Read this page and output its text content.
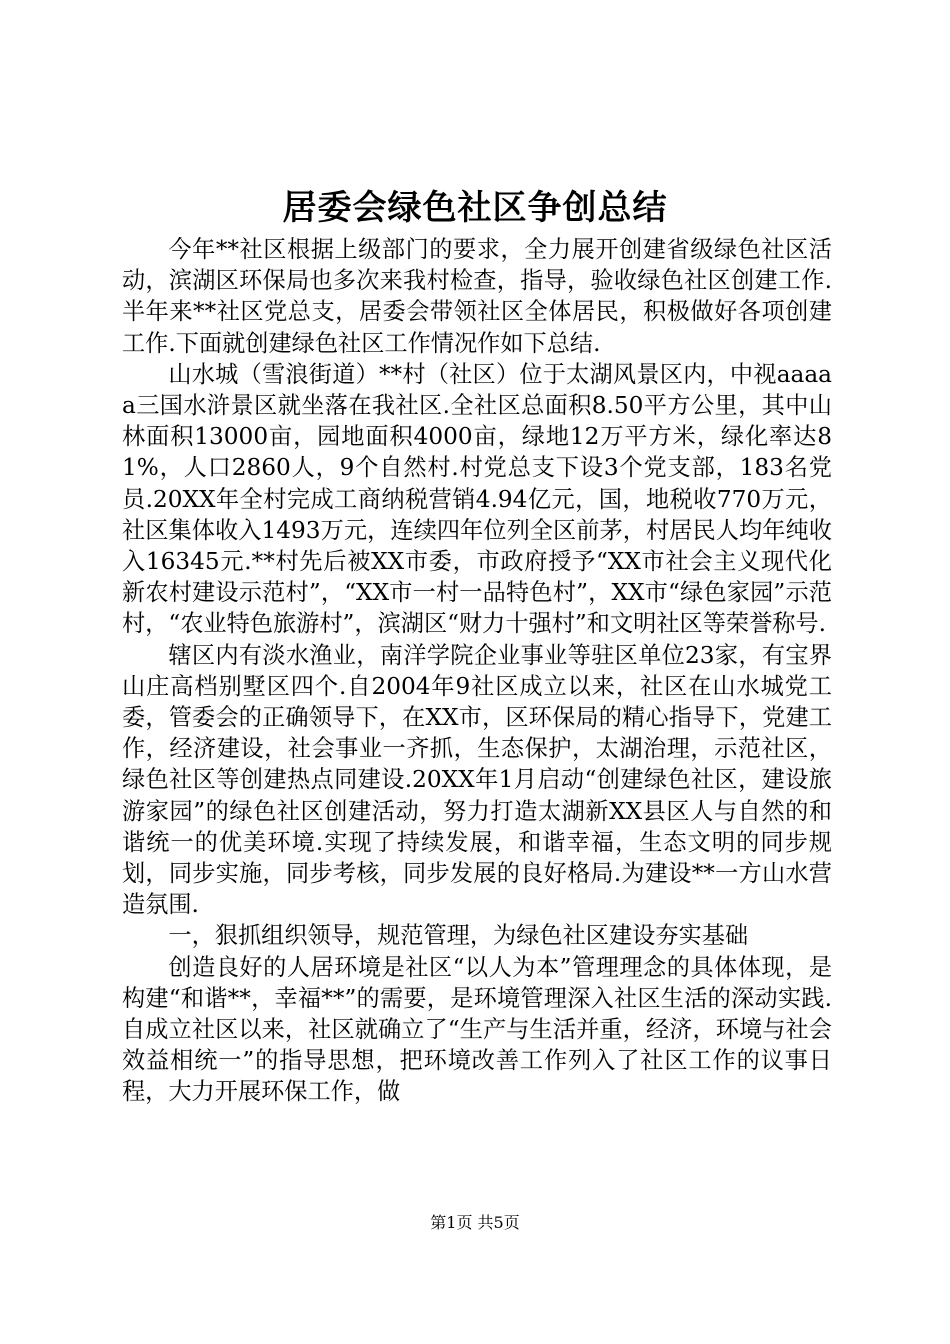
居委会绿色社区争创总结

今年**社区根据上级部门的要求，全力展开创建省级绿色社区活动，滨湖区环保局也多次来我村检查，指导，验收绿色社区创建工作.半年来**社区党总支，居委会带领社区全体居民，积极做好各项创建工作.下面就创建绿色社区工作情况作如下总结.

山水城（雪浪街道）**村（社区）位于太湖风景区内，中视aaaaa三国水浒景区就坐落在我社区.全社区总面积8.50平方公里，其中山林面积13000亩，园地面积4000亩，绿地12万平方米，绿化率达81%，人口2860人，9个自然村.村党总支下设3个党支部，183名党员.20XX年全村完成工商纳税营销4.94亿元，国，地税收770万元，社区集体收入1493万元，连续四年位列全区前茅，村居民人均年纯收入16345元.**村先后被XX市委，市政府授予“XX市社会主义现代化新农村建设示范村”，“XX市一村一品特色村”，XX市“绿色家园”示范村，“农业特色旅游村”，滨湖区“财力十强村”和文明社区等荣誉称号.

辖区内有淡水渔业，南洋学院企业事业等驻区单位23家，有宝界山庄高档别墅区四个.自2004年9社区成立以来，社区在山水城党工委，管委会的正确领导下，在XX市，区环保局的精心指导下，党建工作，经济建设，社会事业一齐抓，生态保护，太湖治理，示范社区，绿色社区等创建热点同建设.20XX年1月启动“创建绿色社区，建设旅游家园”的绿色社区创建活动，努力打造太湖新XX县区人与自然的和谐统一的优美环境.实现了持续发展，和谐幸福，生态文明的同步规划，同步实施，同步考核，同步发展的良好格局.为建设**一方山水营造氛围.

一，狠抓组织领导，规范管理，为绿色社区建设夯实基础

创造良好的人居环境是社区“以人为本”管理理念的具体体现，是构建“和谐**，幸福**”的需要，是环境管理深入社区生活的深动实践.自成立社区以来，社区就确立了“生产与生活并重，经济，环境与社会效益相统一”的指导思想，把环境改善工作列入了社区工作的议事日程，大力开展环保工作，做

第1页 共5页
